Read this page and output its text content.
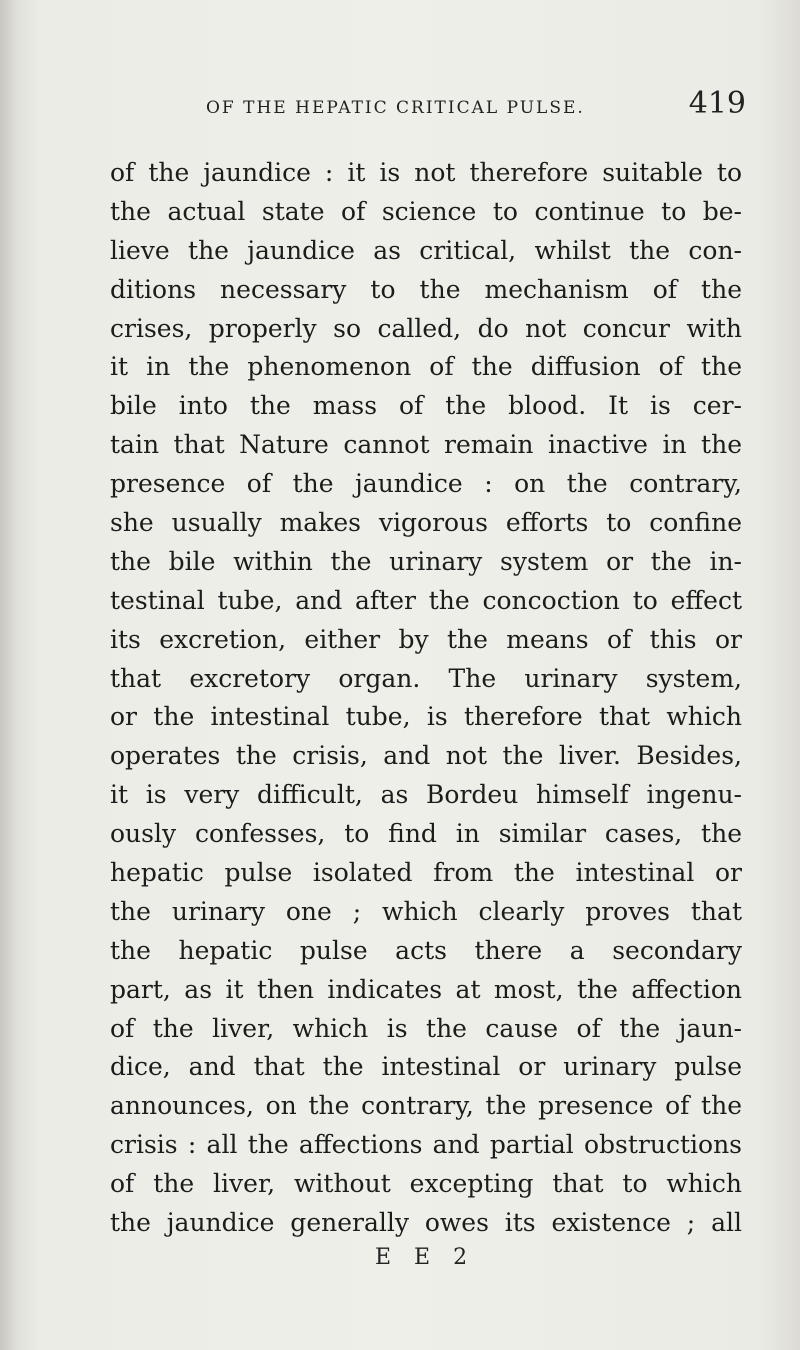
OF THE HEPATIC CRITICAL PULSE.	419
of the jaundice : it is not therefore suitable to
the actual state of science to continue to be-
lieve the jaundice as critical, whilst the con-
ditions necessary to the mechanism of the
crises, properly so called, do not concur with
it in the phenomenon of the diffusion of the
bile into the mass of the blood. It is cer-
tain that Nature cannot remain inactive in the
presence of the jaundice : on the contrary,
she usually makes vigorous efforts to confine
the bile within the urinary system or the in-
testinal tube, and after the concoction to effect
its excretion, either by the means of this or
that excretory organ. The urinary system,
or the intestinal tube, is therefore that which
operates the crisis, and not the liver. Besides,
it is very difficult, as Bordeu himself ingenu-
ously confesses, to find in similar cases, the
hepatic pulse isolated from the intestinal or
the urinary one ; which clearly proves that
the hepatic pulse acts there a secondary
part, as it then indicates at most, the affection
of the liver, which is the cause of the jaun-
dice, and that the intestinal or urinary pulse
announces, on the contrary, the presence of the
crisis : all the affections and partial obstructions
of the liver, without excepting that to which
the jaundice generally owes its existence ; all
E E 2
